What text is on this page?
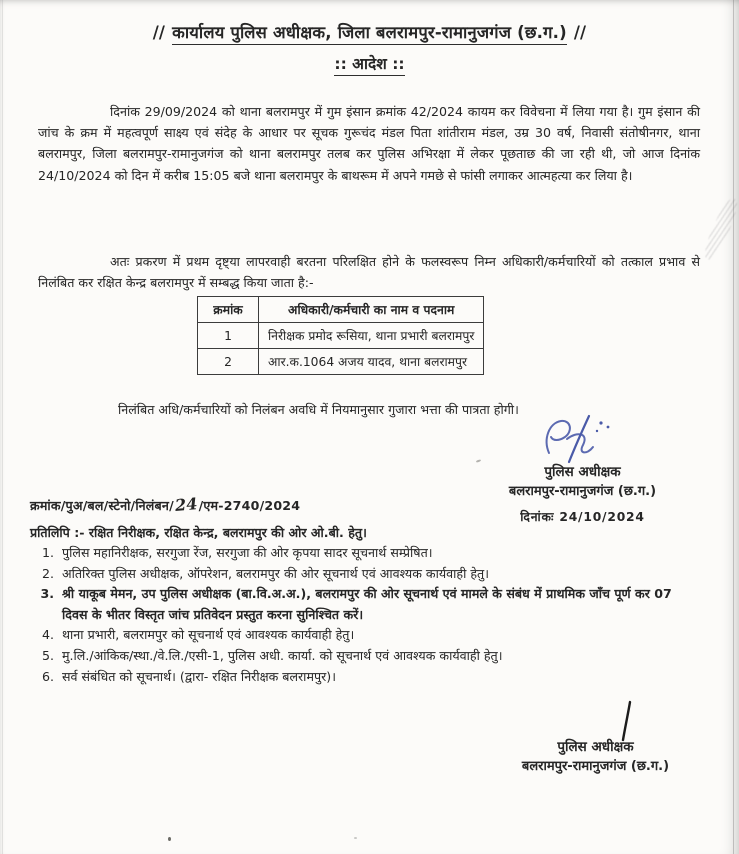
// कार्यालय पुलिस अधीक्षक, जिला बलरामपुर-रामानुजगंज (छ.ग.) //
:: आदेश ::

दिनांक 29/09/2024 को थाना बलरामपुर में गुम इंसान क्रमांक 42/2024 कायम कर विवेचना में लिया गया है। गुम इंसान की जांच के क्रम में महत्वपूर्ण साक्ष्य एवं संदेह के आधार पर सूचक गुरूचंद मंडल पिता शांतीराम मंडल, उम्र 30 वर्ष, निवासी संतोषीनगर, थाना बलरामपुर, जिला बलरामपुर-रामानुजगंज को थाना बलरामपुर तलब कर पुलिस अभिरक्षा में लेकर पूछताछ की जा रही थी, जो आज दिनांक 24/10/2024 को दिन में करीब 15:05 बजे थाना बलरामपुर के बाथरूम में अपने गमछे से फांसी लगाकर आत्महत्या कर लिया है।

अतः प्रकरण में प्रथम दृष्ट्या लापरवाही बरतना परिलक्षित होने के फलस्वरूप निम्न अधिकारी/कर्मचारियों को तत्काल प्रभाव से निलंबित कर रक्षित केन्द्र बलरामपुर में सम्बद्ध किया जाता है:-

क्रमांक	अधिकारी/कर्मचारी का नाम व पदनाम
1	निरीक्षक प्रमोद रूसिया, थाना प्रभारी बलरामपुर
2	आर.क.1064 अजय यादव, थाना बलरामपुर

निलंबित अधि/कर्मचारियों को निलंबन अवधि में नियमानुसार गुजारा भत्ता की पात्रता होगी।

पुलिस अधीक्षक
बलरामपुर-रामानुजगंज (छ.ग.)
दिनांकः 24/10/2024
क्रमांक/पुअ/बल/स्टेनो/निलंबन/24/एम-2740/2024
प्रतिलिपि :- रक्षित निरीक्षक, रक्षित केन्द्र, बलरामपुर की ओर ओ.बी. हेतु।
1. पुलिस महानिरीक्षक, सरगुजा रेंज, सरगुजा की ओर कृपया सादर सूचनार्थ सम्प्रेषित।
2. अतिरिक्त पुलिस अधीक्षक, ऑपरेशन, बलरामपुर की ओर सूचनार्थ एवं आवश्यक कार्यवाही हेतु।
3. श्री याकूब मेमन, उप पुलिस अधीक्षक (बा.वि.अ.अ.), बलरामपुर की ओर सूचनार्थ एवं मामले के संबंध में प्राथमिक जाँच पूर्ण कर 07 दिवस के भीतर विस्तृत जांच प्रतिवेदन प्रस्तुत करना सुनिश्चित करें।
4. थाना प्रभारी, बलरामपुर को सूचनार्थ एवं आवश्यक कार्यवाही हेतु।
5. मु.लि./आंकिक/स्था./वे.लि./एसी-1, पुलिस अधी. कार्या. को सूचनार्थ एवं आवश्यक कार्यवाही हेतु।
6. सर्व संबंधित को सूचनार्थ। (द्वारा- रक्षित निरीक्षक बलरामपुर)।
पुलिस अधीक्षक
बलरामपुर-रामानुजगंज (छ.ग.)
